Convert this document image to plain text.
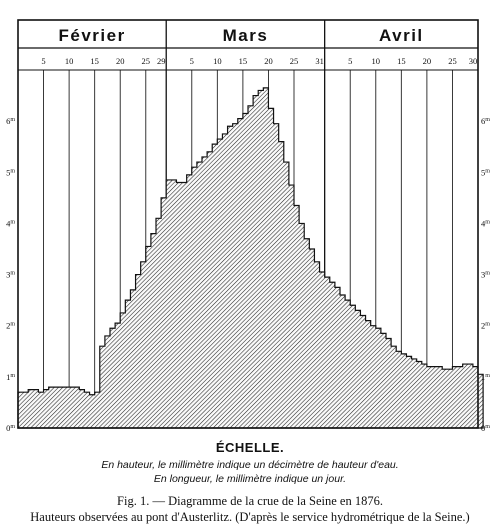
Février
5 10 15 20 25 29
Mars
5 10 15 20 25 31
Avril
5 10 15 20 25 30
0$^m$	0$^m$
1$^m$	1$^m$
2$^m$	2$^m$
3$^m$	3$^m$
4$^m$	4$^m$
5$^m$	5$^m$
6$^m$	6$^m$
ÉCHELLE.
En hauteur, le millimètre indique un décimètre de hauteur d'eau.
En longueur, le millimètre indique un jour.
Fig. 1. — Diagramme de la crue de la Seine en 1876.
Hauteurs observées au pont d'Austerlitz. (D'après le service hydrométrique de la Seine.)
